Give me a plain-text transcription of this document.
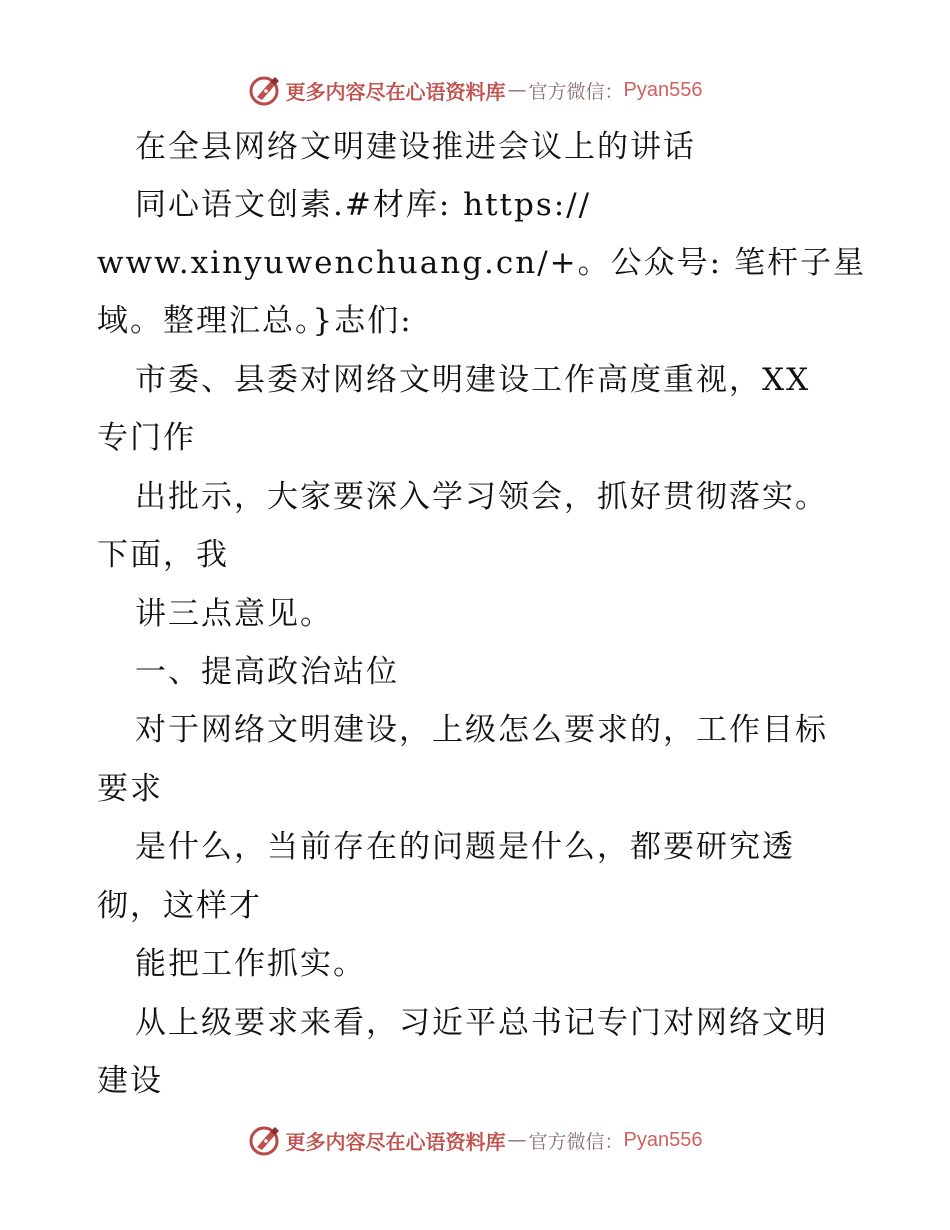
更多内容尽在心语资料库 — 官方微信： Pyan556
在全县网络文明建设推进会议上的讲话
同心语文创素.#材库: https://
www.xinyuwenchuang.cn/+。公众号: 笔杆子星
域。整理汇总。}志们:
市委、县委对网络文明建设工作高度重视，XX
专门作
出批示，大家要深入学习领会，抓好贯彻落实。
下面，我
讲三点意见。
一、提高政治站位
对于网络文明建设，上级怎么要求的，工作目标
要求
是什么，当前存在的问题是什么，都要研究透
彻，这样才
能把工作抓实。
从上级要求来看，习近平总书记专门对网络文明
建设
更多内容尽在心语资料库 — 官方微信： Pyan556
